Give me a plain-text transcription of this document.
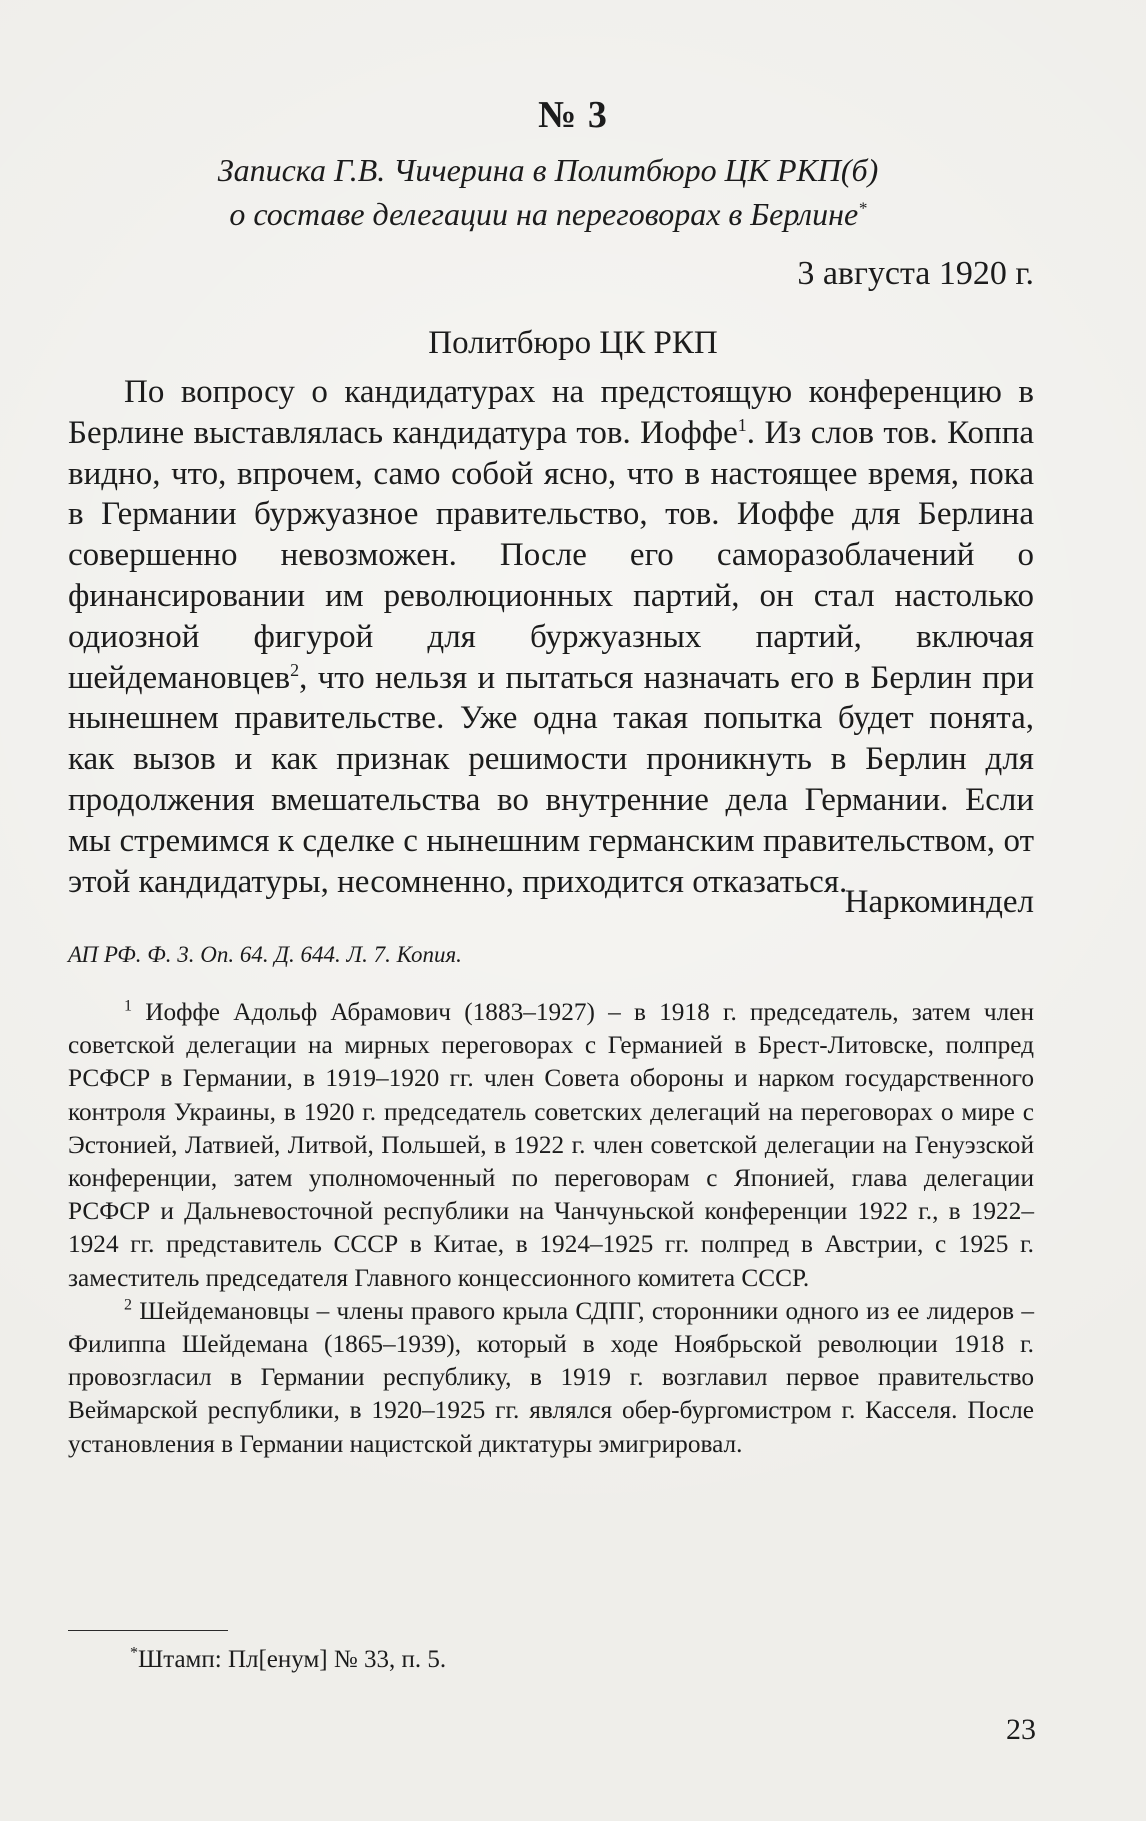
№ 3
Записка Г.В. Чичерина в Политбюро ЦК РКП(б)
о составе делегации на переговорах в Берлине*
3 августа 1920 г.
Политбюро ЦК РКП

По вопросу о кандидатурах на предстоящую конференцию в Берлине выставлялась кандидатура тов. Иоффе$^1$. Из слов тов. Коппа видно, что, впрочем, само собой ясно, что в настоящее время, пока в Германии буржуазное правительство, тов. Иоффе для Берлина совершенно невозможен. После его саморазоблачений о финансировании им революционных партий, он стал настолько одиозной фигурой для буржуазных партий, включая шейдемановцев$^2$, что нельзя и пытаться назначать его в Берлин при нынешнем правительстве. Уже одна такая попытка будет понята, как вызов и как признак решимости проникнуть в Берлин для продолжения вмешательства во внутренние дела Германии. Если мы стремимся к сделке с нынешним германским правительством, от этой кандидатуры, несомненно, приходится отказаться.

Наркоминдел
АП РФ. Ф. 3. Оп. 64. Д. 644. Л. 7. Копия.

$^1$ Иоффе Адольф Абрамович (1883–1927) – в 1918 г. председатель, затем член советской делегации на мирных переговорах с Германией в Брест-Литовске, полпред РСФСР в Германии, в 1919–1920 гг. член Совета обороны и нарком государственного контроля Украины, в 1920 г. председатель советских делегаций на переговорах о мире с Эстонией, Латвией, Литвой, Польшей, в 1922 г. член советской делегации на Генуэзской конференции, затем уполномоченный по переговорам с Японией, глава делегации РСФСР и Дальневосточной республики на Чанчуньской конференции 1922 г., в 1922–1924 гг. представитель СССР в Китае, в 1924–1925 гг. полпред в Австрии, с 1925 г. заместитель председателя Главного концессионного комитета СССР.

$^2$ Шейдемановцы – члены правого крыла СДПГ, сторонники одного из ее лидеров – Филиппа Шейдемана (1865–1939), который в ходе Ноябрьской революции 1918 г. провозгласил в Германии республику, в 1919 г. возглавил первое правительство Веймарской республики, в 1920–1925 гг. являлся обер-бургомистром г. Касселя. После установления в Германии нацистской диктатуры эмигрировал.

*Штамп: Пл[енум] № 33, п. 5.
23
